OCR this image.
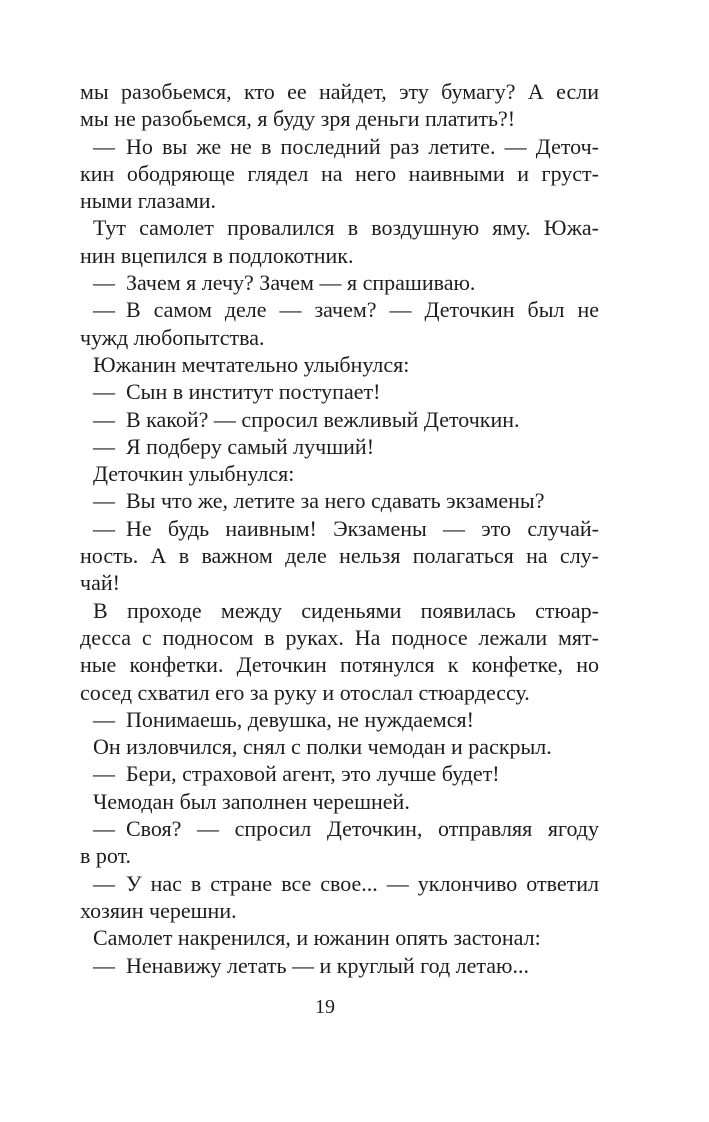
мы разобьемся, кто ее найдет, эту бумагу? А если
мы не разобьемся, я буду зря деньги платить?!

— Но вы же не в последний раз летите. — Деточ-
кин ободряюще глядел на него наивными и груст-
ными глазами.

Тут самолет провалился в воздушную яму. Южа-
нин вцепился в подлокотник.

— Зачем я лечу? Зачем — я спрашиваю.

— В самом деле — зачем? — Деточкин был не
чужд любопытства.

Южанин мечтательно улыбнулся:

— Сын в институт поступает!

— В какой? — спросил вежливый Деточкин.

— Я подберу самый лучший!

Деточкин улыбнулся:

— Вы что же, летите за него сдавать экзамены?

— Не будь наивным! Экзамены — это случай-
ность. А в важном деле нельзя полагаться на слу-
чай!

В проходе между сиденьями появилась стюар-
десса с подносом в руках. На подносе лежали мят-
ные конфетки. Деточкин потянулся к конфетке, но
сосед схватил его за руку и отослал стюардессу.

— Понимаешь, девушка, не нуждаемся!

Он изловчился, снял с полки чемодан и раскрыл.

— Бери, страховой агент, это лучше будет!

Чемодан был заполнен черешней.

— Своя? — спросил Деточкин, отправляя ягоду
в рот.

— У нас в стране все свое... — уклончиво ответил
хозяин черешни.

Самолет накренился, и южанин опять застонал:

— Ненавижу летать — и круглый год летаю...

19
